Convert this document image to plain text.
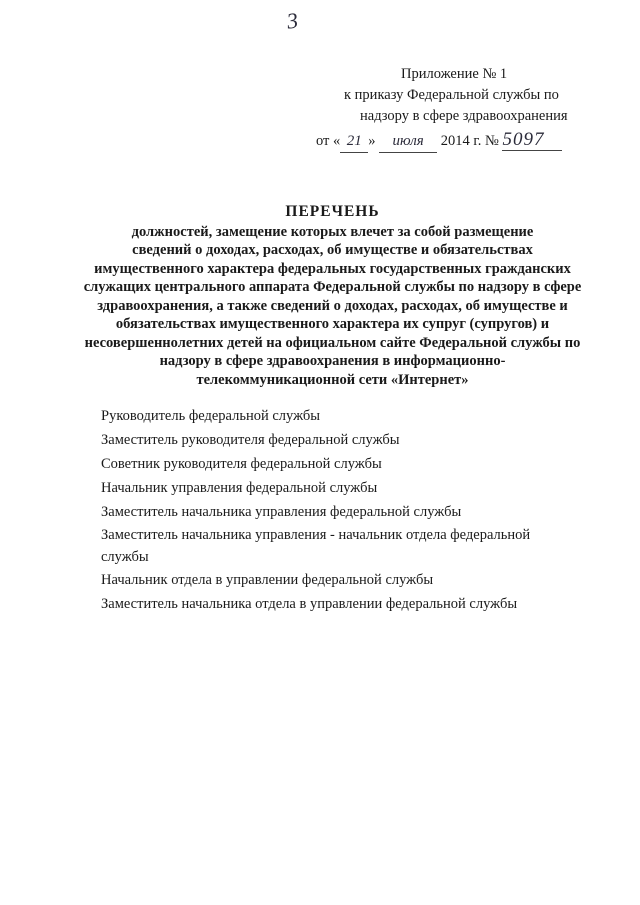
3
Приложение № 1
к приказу Федеральной службы по
надзору в сфере здравоохранения
от « 21 » июля 2014 г. № 5097
ПЕРЕЧЕНЬ
должностей, замещение которых влечет за собой размещение
сведений о доходах, расходах, об имуществе и обязательствах
имущественного характера федеральных государственных гражданских
служащих центрального аппарата Федеральной службы по надзору в сфере
здравоохранения, а также сведений о доходах, расходах, об имуществе и
обязательствах имущественного характера их супруг (супругов) и
несовершеннолетних детей на официальном сайте Федеральной службы по
надзору в сфере здравоохранения в информационно-
телекоммуникационной сети «Интернет»
Руководитель федеральной службы
Заместитель руководителя федеральной службы
Советник руководителя федеральной службы
Начальник управления федеральной службы
Заместитель начальника управления федеральной службы
Заместитель начальника управления - начальник отдела федеральной
службы
Начальник отдела в управлении федеральной службы
Заместитель начальника отдела в управлении федеральной службы
